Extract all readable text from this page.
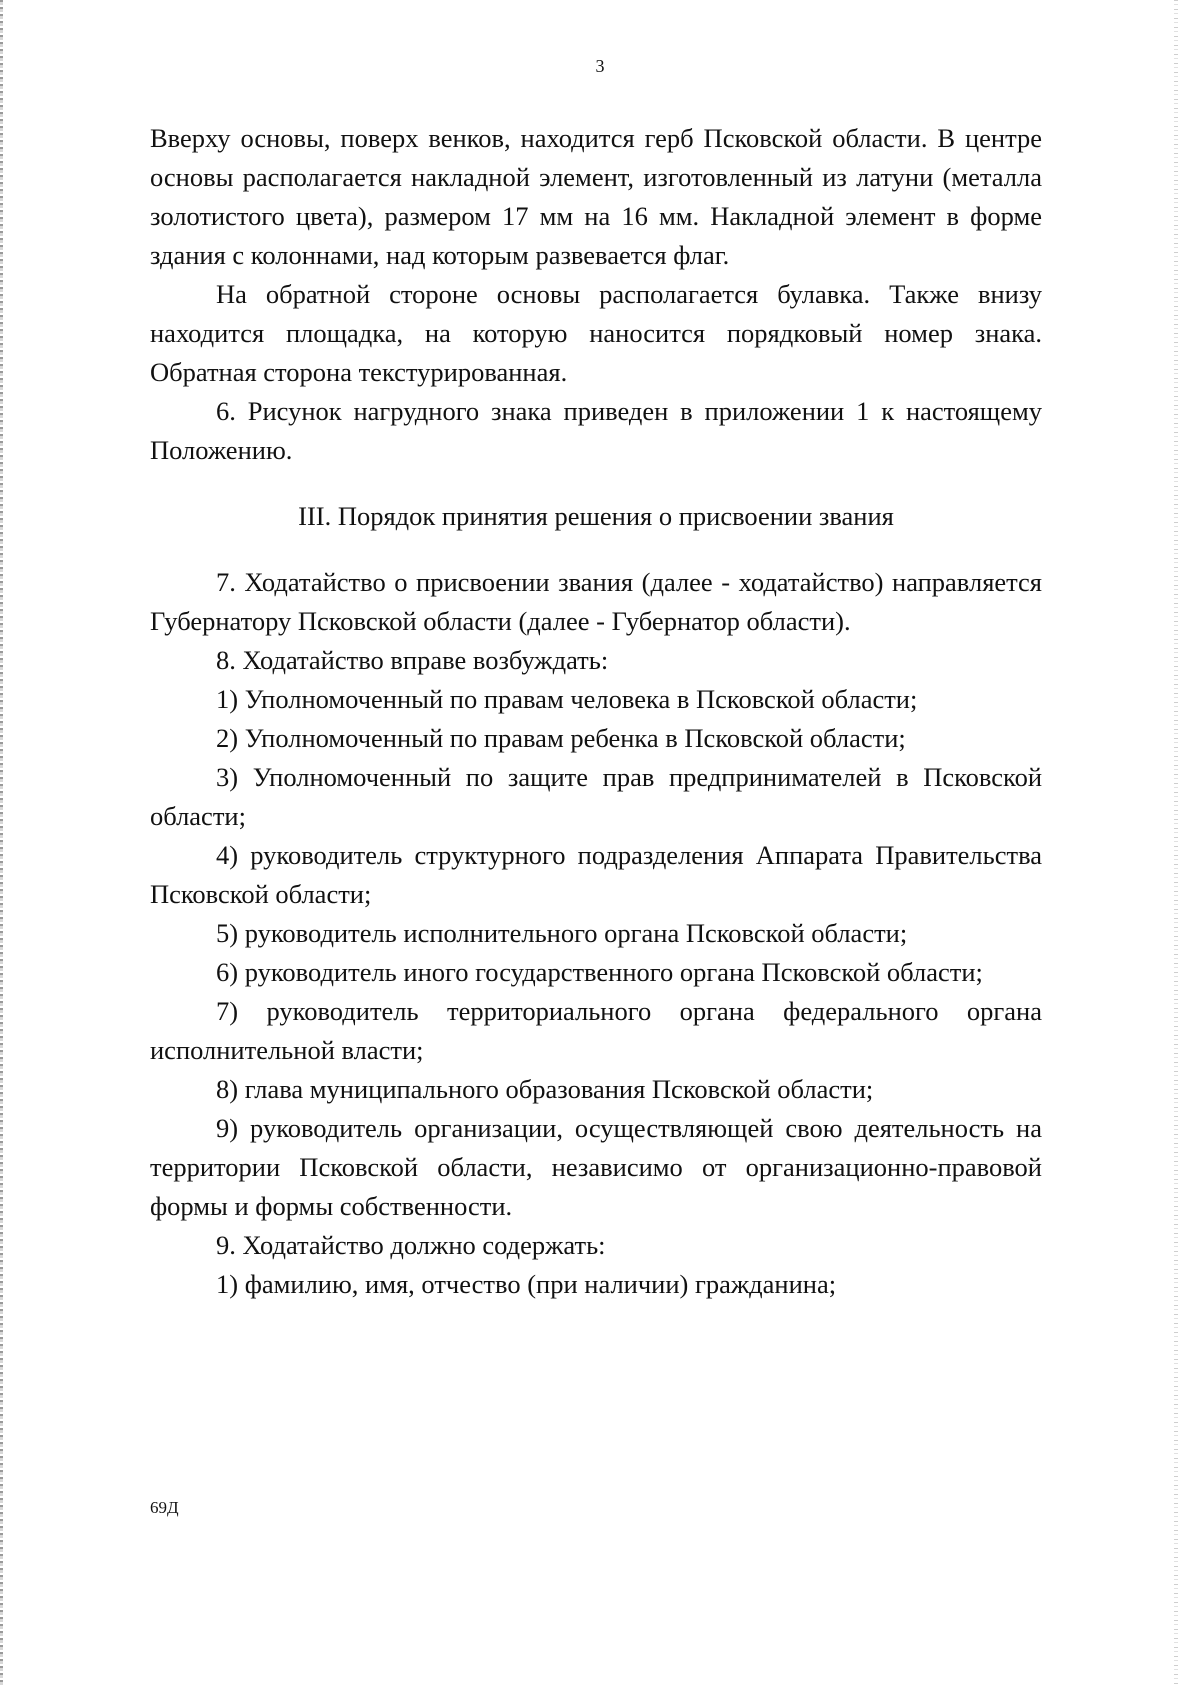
3

Вверху основы, поверх венков, находится герб Псковской области. В центре основы располагается накладной элемент, изготовленный из латуни (металла золотистого цвета), размером 17 мм на 16 мм. Накладной элемент в форме здания с колоннами, над которым развевается флаг.

На обратной стороне основы располагается булавка. Также внизу находится площадка, на которую наносится порядковый номер знака. Обратная сторона текстурированная.

6. Рисунок нагрудного знака приведен в приложении 1 к настоящему Положению.

III. Порядок принятия решения о присвоении звания

7. Ходатайство о присвоении звания (далее - ходатайство) направляется Губернатору Псковской области (далее - Губернатор области).

8. Ходатайство вправе возбуждать:

1) Уполномоченный по правам человека в Псковской области;

2) Уполномоченный по правам ребенка в Псковской области;

3) Уполномоченный по защите прав предпринимателей в Псковской области;

4) руководитель структурного подразделения Аппарата Правительства Псковской области;

5) руководитель исполнительного органа Псковской области;

6) руководитель иного государственного органа Псковской области;

7) руководитель территориального органа федерального органа исполнительной власти;

8) глава муниципального образования Псковской области;

9) руководитель организации, осуществляющей свою деятельность на территории Псковской области, независимо от организационно-правовой формы и формы собственности.

9. Ходатайство должно содержать:

1) фамилию, имя, отчество (при наличии) гражданина;

69Д
